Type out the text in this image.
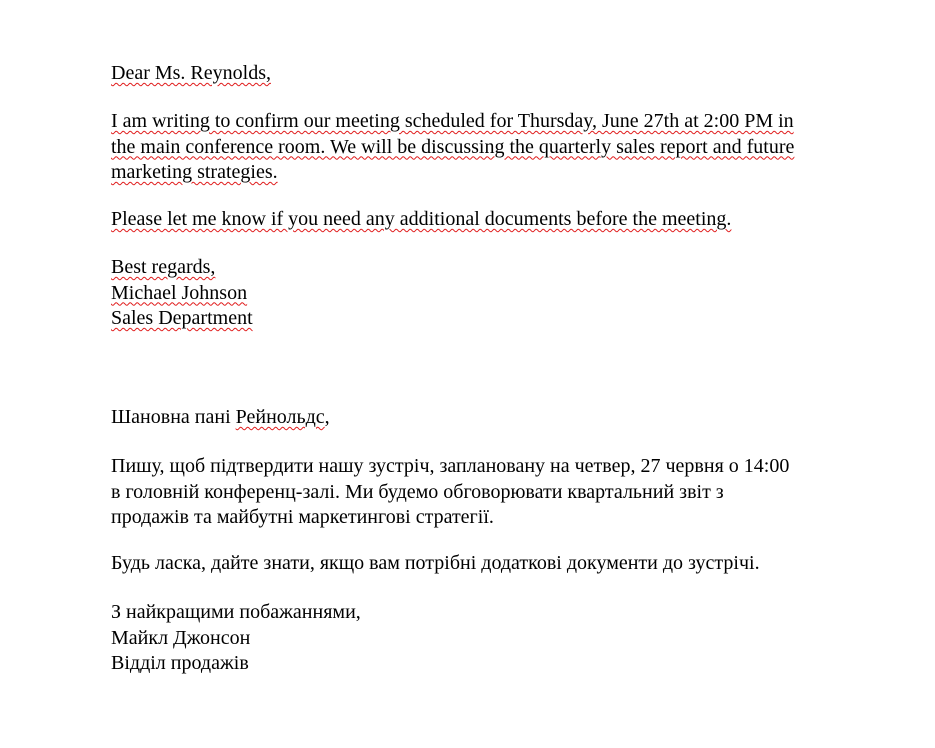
Dear Ms. Reynolds,
I am writing to confirm our meeting scheduled for Thursday, June 27th at 2:00 PM in
the main conference room. We will be discussing the quarterly sales report and future
marketing strategies.
Please let me know if you need any additional documents before the meeting.
Best regards,
Michael Johnson
Sales Department
Шановна пані Рейнольдс,
Пишу, щоб підтвердити нашу зустріч, заплановану на четвер, 27 червня о 14:00
в головній конференц-залі. Ми будемо обговорювати квартальний звіт з
продажів та майбутні маркетингові стратегії.
Будь ласка, дайте знати, якщо вам потрібні додаткові документи до зустрічі.
З найкращими побажаннями,
Майкл Джонсон
Відділ продажів
